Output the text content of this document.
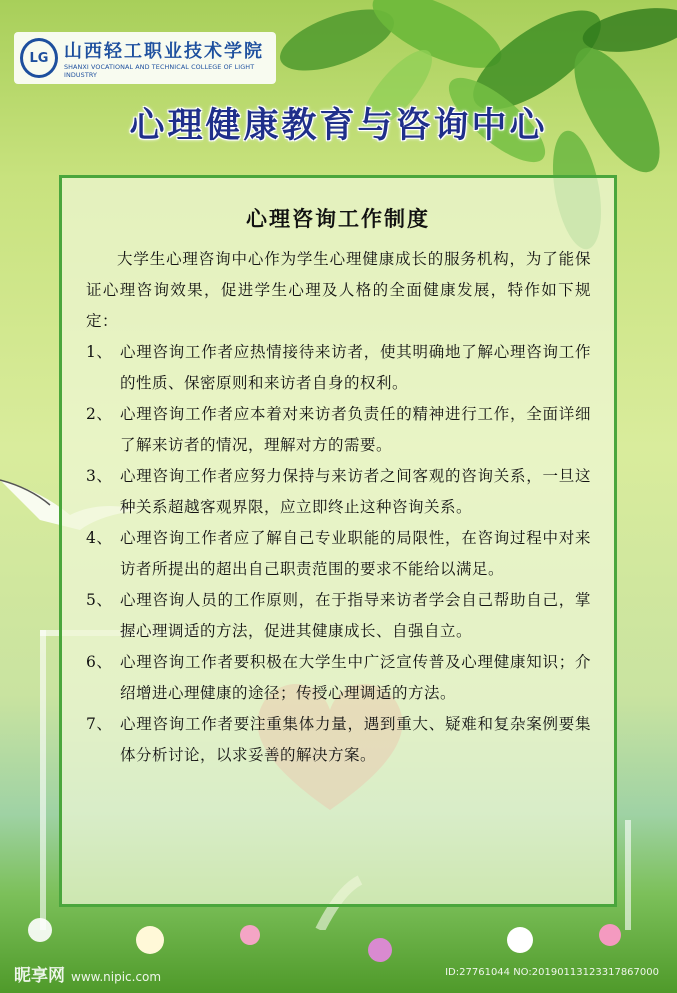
LG 山西轻工职业技术学院
SHANXI VOCATIONAL AND TECHNICAL COLLEGE OF LIGHT INDUSTRY
心理健康教育与咨询中心
心理咨询工作制度
大学生心理咨询中心作为学生心理健康成长的服务机构，为了能保证心理咨询效果，促进学生心理及人格的全面健康发展，特作如下规定：
1、 心理咨询工作者应热情接待来访者，使其明确地了解心理咨询工作的性质、保密原则和来访者自身的权利。
2、 心理咨询工作者应本着对来访者负责任的精神进行工作，全面详细了解来访者的情况，理解对方的需要。
3、 心理咨询工作者应努力保持与来访者之间客观的咨询关系，一旦这种关系超越客观界限，应立即终止这种咨询关系。
4、 心理咨询工作者应了解自己专业职能的局限性，在咨询过程中对来访者所提出的超出自己职责范围的要求不能给以满足。
5、 心理咨询人员的工作原则，在于指导来访者学会自己帮助自己，掌握心理调适的方法，促进其健康成长、自强自立。
6、 心理咨询工作者要积极在大学生中广泛宣传普及心理健康知识；介绍增进心理健康的途径；传授心理调适的方法。
7、 心理咨询工作者要注重集体力量，遇到重大、疑难和复杂案例要集体分析讨论，以求妥善的解决方案。
昵享网 www.nipic.com	ID:27761044 NO:20190113123317867000
